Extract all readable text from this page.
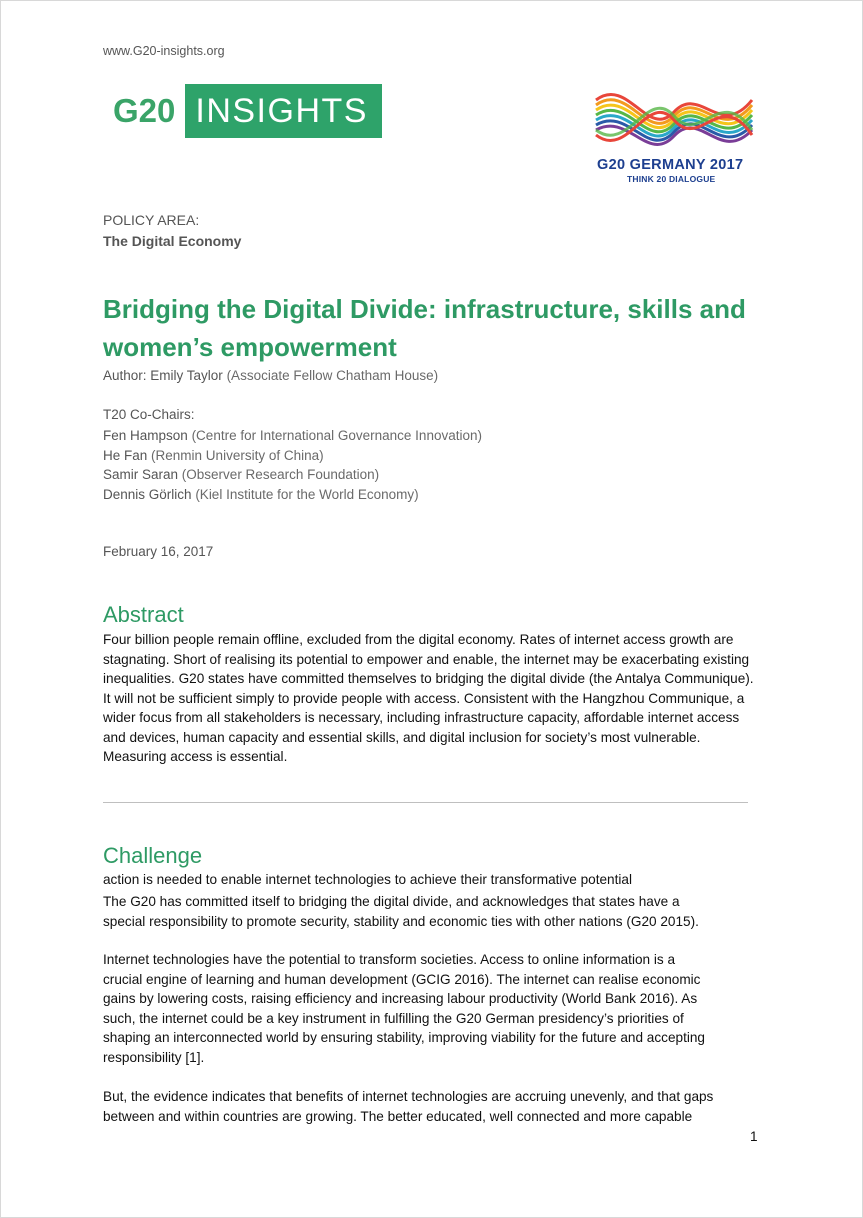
www.G20-insights.org
G20 INSIGHTS
G20 GERMANY 2017
THINK 20 DIALOGUE
POLICY AREA:
The Digital Economy
Bridging the Digital Divide: infrastructure, skills and women’s empowerment
Author: Emily Taylor (Associate Fellow Chatham House)
T20 Co-Chairs:
Fen Hampson (Centre for International Governance Innovation)
He Fan (Renmin University of China)
Samir Saran (Observer Research Foundation)
Dennis Görlich (Kiel Institute for the World Economy)
February 16, 2017
Abstract
Four billion people remain offline, excluded from the digital economy. Rates of internet access growth are stagnating. Short of realising its potential to empower and enable, the internet may be exacerbating existing inequalities. G20 states have committed themselves to bridging the digital divide (the Antalya Communique). It will not be sufficient simply to provide people with access. Consistent with the Hangzhou Communique, a wider focus from all stakeholders is necessary, including infrastructure capacity, affordable internet access and devices, human capacity and essential skills, and digital inclusion for society’s most vulnerable. Measuring access is essential.
Challenge
action is needed to enable internet technologies to achieve their transformative potential
The G20 has committed itself to bridging the digital divide, and acknowledges that states have a
special responsibility to promote security, stability and economic ties with other nations (G20 2015).
Internet technologies have the potential to transform societies. Access to online information is a
crucial engine of learning and human development (GCIG 2016). The internet can realise economic
gains by lowering costs, raising efficiency and increasing labour productivity (World Bank 2016). As
such, the internet could be a key instrument in fulfilling the G20 German presidency’s priorities of
shaping an interconnected world by ensuring stability, improving viability for the future and accepting
responsibility [1].
But, the evidence indicates that benefits of internet technologies are accruing unevenly, and that gaps
between and within countries are growing. The better educated, well connected and more capable
1
